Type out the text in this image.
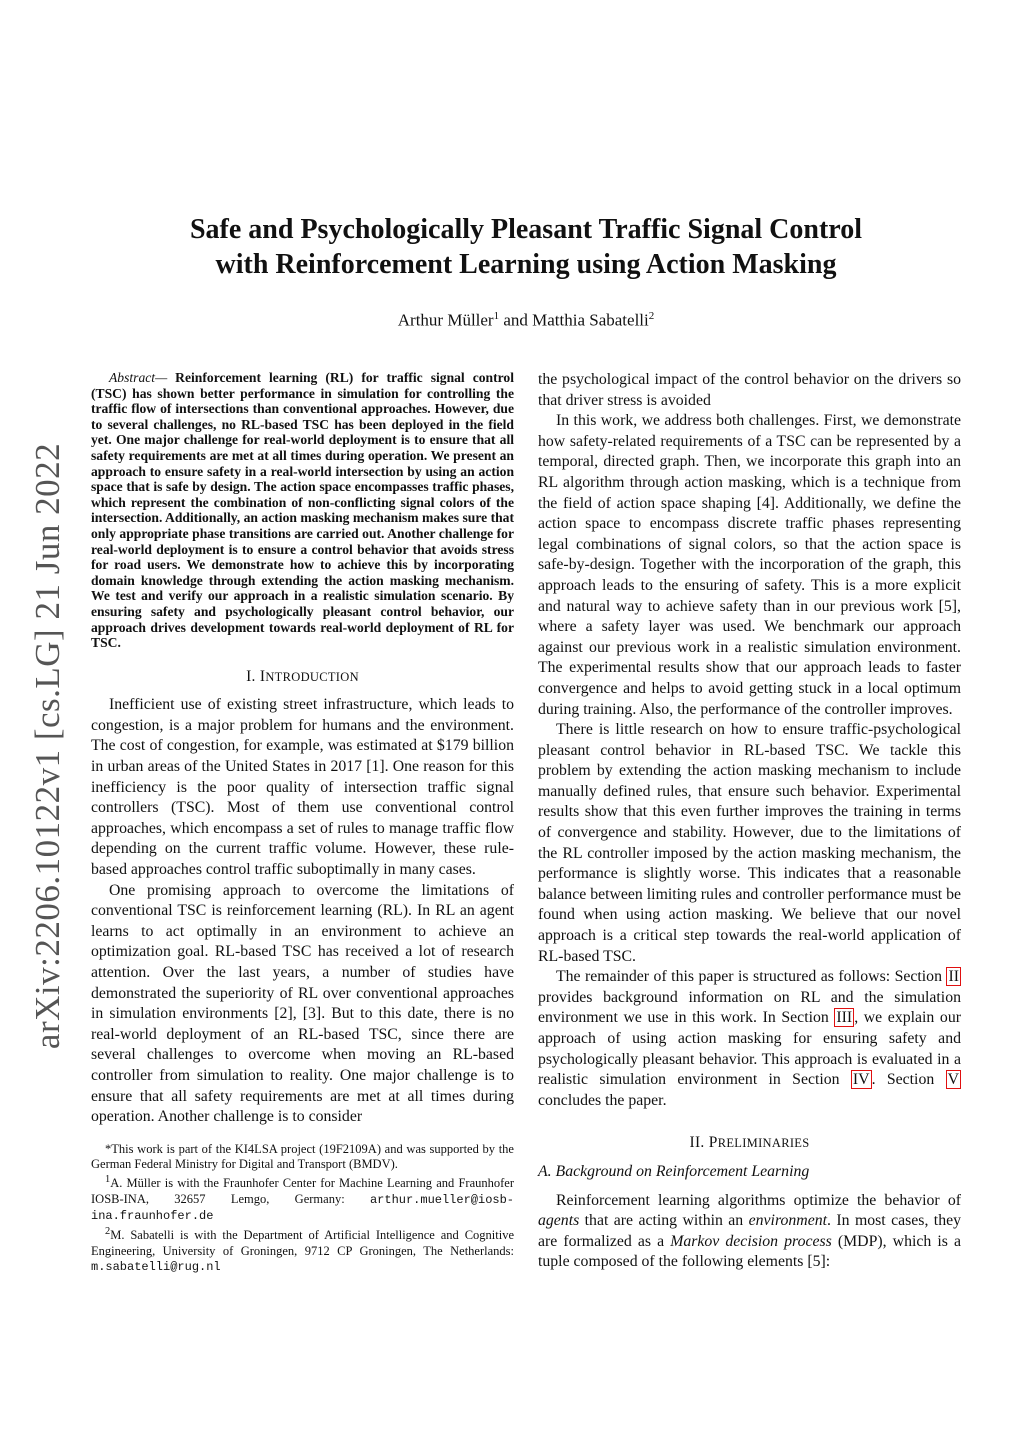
arXiv:2206.10122v1 [cs.LG] 21 Jun 2022
Safe and Psychologically Pleasant Traffic Signal Control
with Reinforcement Learning using Action Masking
Arthur Müller$^1$ and Matthia Sabatelli$^2$

Abstract— Reinforcement learning (RL) for traffic signal control (TSC) has shown better performance in simulation for controlling the traffic flow of intersections than conventional approaches. However, due to several challenges, no RL-based TSC has been deployed in the field yet. One major challenge for real-world deployment is to ensure that all safety requirements are met at all times during operation. We present an approach to ensure safety in a real-world intersection by using an action space that is safe by design. The action space encompasses traffic phases, which represent the combination of non-conflicting signal colors of the intersection. Additionally, an action masking mechanism makes sure that only appropriate phase transitions are carried out. Another challenge for real-world deployment is to ensure a control behavior that avoids stress for road users. We demonstrate how to achieve this by incorporating domain knowledge through extending the action masking mechanism. We test and verify our approach in a realistic simulation scenario. By ensuring safety and psychologically pleasant control behavior, our approach drives development towards real-world deployment of RL for TSC.

I. INTRODUCTION

Inefficient use of existing street infrastructure, which leads to congestion, is a major problem for humans and the environment. The cost of congestion, for example, was estimated at $179 billion in urban areas of the United States in 2017 [1]. One reason for this inefficiency is the poor quality of intersection traffic signal controllers (TSC). Most of them use conventional control approaches, which encompass a set of rules to manage traffic flow depending on the current traffic volume. However, these rule-based approaches control traffic suboptimally in many cases.

One promising approach to overcome the limitations of conventional TSC is reinforcement learning (RL). In RL an agent learns to act optimally in an environment to achieve an optimization goal. RL-based TSC has received a lot of research attention. Over the last years, a number of studies have demonstrated the superiority of RL over conventional approaches in simulation environments [2], [3]. But to this date, there is no real-world deployment of an RL-based TSC, since there are several challenges to overcome when moving an RL-based controller from simulation to reality. One major challenge is to ensure that all safety requirements are met at all times during operation. Another challenge is to consider

*This work is part of the KI4LSA project (19F2109A) and was supported by the German Federal Ministry for Digital and Transport (BMDV).

$^1$A. Müller is with the Fraunhofer Center for Machine Learning and Fraunhofer IOSB-INA, 32657 Lemgo, Germany: arthur.mueller@iosb-ina.fraunhofer.de

$^2$M. Sabatelli is with the Department of Artificial Intelligence and Cognitive Engineering, University of Groningen, 9712 CP Groningen, The Netherlands: m.sabatelli@rug.nl

the psychological impact of the control behavior on the drivers so that driver stress is avoided

In this work, we address both challenges. First, we demonstrate how safety-related requirements of a TSC can be represented by a temporal, directed graph. Then, we incorporate this graph into an RL algorithm through action masking, which is a technique from the field of action space shaping [4]. Additionally, we define the action space to encompass discrete traffic phases representing legal combinations of signal colors, so that the action space is safe-by-design. Together with the incorporation of the graph, this approach leads to the ensuring of safety. This is a more explicit and natural way to achieve safety than in our previous work [5], where a safety layer was used. We benchmark our approach against our previous work in a realistic simulation environment. The experimental results show that our approach leads to faster convergence and helps to avoid getting stuck in a local optimum during training. Also, the performance of the controller improves.

There is little research on how to ensure traffic-psychological pleasant control behavior in RL-based TSC. We tackle this problem by extending the action masking mechanism to include manually defined rules, that ensure such behavior. Experimental results show that this even further improves the training in terms of convergence and stability. However, due to the limitations of the RL controller imposed by the action masking mechanism, the performance is slightly worse. This indicates that a reasonable balance between limiting rules and controller performance must be found when using action masking. We believe that our novel approach is a critical step towards the real-world application of RL-based TSC.

The remainder of this paper is structured as follows: Section II provides background information on RL and the simulation environment we use in this work. In Section III , we explain our approach of using action masking for ensuring safety and psychologically pleasant behavior. This approach is evaluated in a realistic simulation environment in Section IV . Section V concludes the paper.

II. PRELIMINARIES
A. Background on Reinforcement Learning

Reinforcement learning algorithms optimize the behavior of agents that are acting within an environment. In most cases, they are formalized as a Markov decision process (MDP), which is a tuple composed of the following elements [5]:
